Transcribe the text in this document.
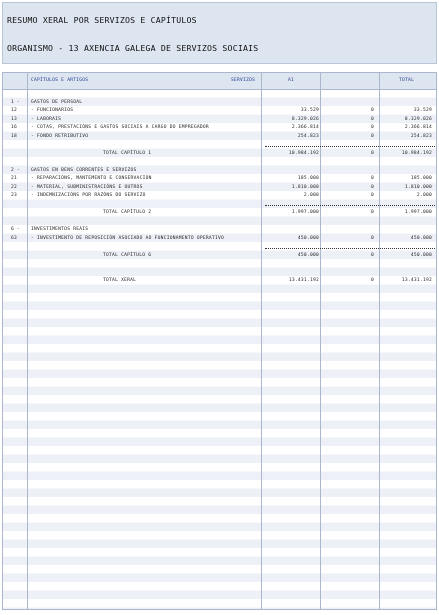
RESUMO XERAL POR SERVIZOS E CAPÍTULOS
ORGANISMO - 13 AXENCIA GALEGA DE SERVIZOS SOCIAIS
CAPÍTULOS E ARTIGOS	SERVIZOS	A1	TOTAL
1 - GASTOS DE PERSOAL
12	- FUNCIONARIOS	33.529	0	33.529
13	- LABORAIS	8.329.026	0	8.329.026
16	- COTAS, PRESTACIÓNS E GASTOS SOCIAIS A CARGO DO EMPREGADOR	2.366.814	0	2.366.814
18	- FONDO RETRIBUTIVO	254.823	0	254.823
TOTAL CAPÍTULO 1	10.984.192	0	10.984.192
2 - GASTOS EN BENS CORRENTES E SERVIZOS
21	- REPARACIÓNS, MANTEMENTO E CONSERVACIÓN	185.000	0	185.000
22	- MATERIAL, SUBMINISTRACIÓNS E OUTROS	1.810.000	0	1.810.000
23	- INDEMNIZACIÓNS POR RAZÓNS DO SERVIZO	2.000	0	2.000
TOTAL CAPÍTULO 2	1.997.000	0	1.997.000
6 - INVESTIMENTOS REAIS
63	- INVESTIMENTO DE REPOSICIÓN ASOCIADO AO FUNCIONAMENTO OPERATIVO	450.000	0	450.000
TOTAL CAPÍTULO 6	450.000	0	450.000
TOTAL XERAL	13.431.192	0	13.431.192
